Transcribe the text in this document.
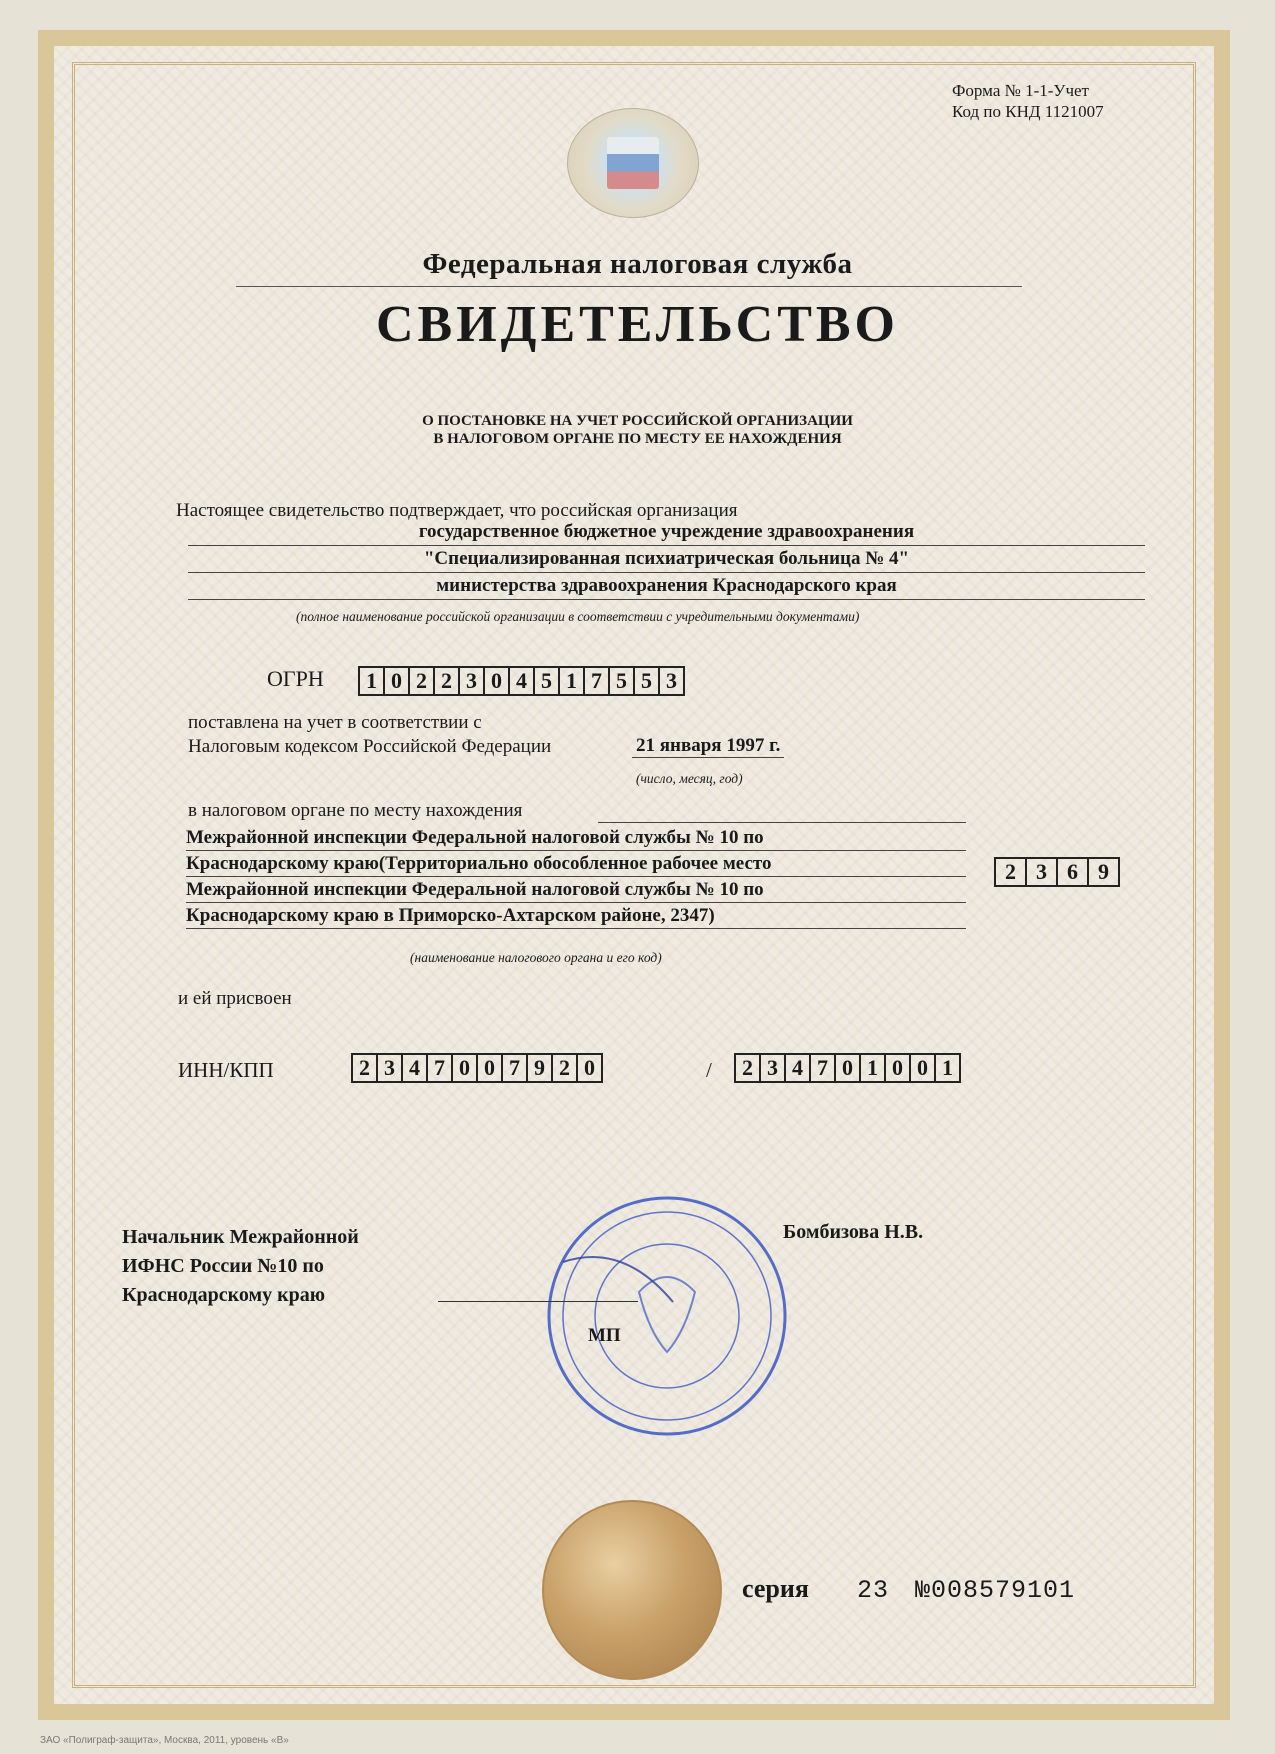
Форма № 1-1-Учет
Код по КНД 1121007
Федеральная налоговая служба
СВИДЕТЕЛЬСТВО
О ПОСТАНОВКЕ НА УЧЕТ РОССИЙСКОЙ ОРГАНИЗАЦИИ
В НАЛОГОВОМ ОРГАНЕ ПО МЕСТУ ЕЕ НАХОЖДЕНИЯ
Настоящее свидетельство подтверждает, что российская организация
государственное бюджетное учреждение здравоохранения
"Специализированная психиатрическая больница № 4"
министерства здравоохранения Краснодарского края
(полное наименование российской организации в соответствии с учредительными документами)
ОГРН 1 0 2 2 3 0 4 5 1 7 5 5 3
поставлена на учет в соответствии с
Налоговым кодексом Российской Федерации	21 января 1997 г.
(число, месяц, год)
в налоговом органе по месту нахождения
Межрайонной инспекции Федеральной налоговой службы № 10 по
Краснодарскому краю(Территориально обособленное рабочее место
Межрайонной инспекции Федеральной налоговой службы № 10 по
Краснодарскому краю в Приморско-Ахтарском районе, 2347)
2 3 6 9
(наименование налогового органа и его код)
и ей присвоен
ИНН/КПП	2 3 4 7 0 0 7 9 2 0	/ 2 3 4 7 0 1 0 0 1
Начальник Межрайонной
ИФНС России №10 по
Краснодарскому краю
Бомбизова Н.В.
МП
серия 23 №008579101
ЗАО «Полиграф-защита», Москва, 2011, уровень «В»
